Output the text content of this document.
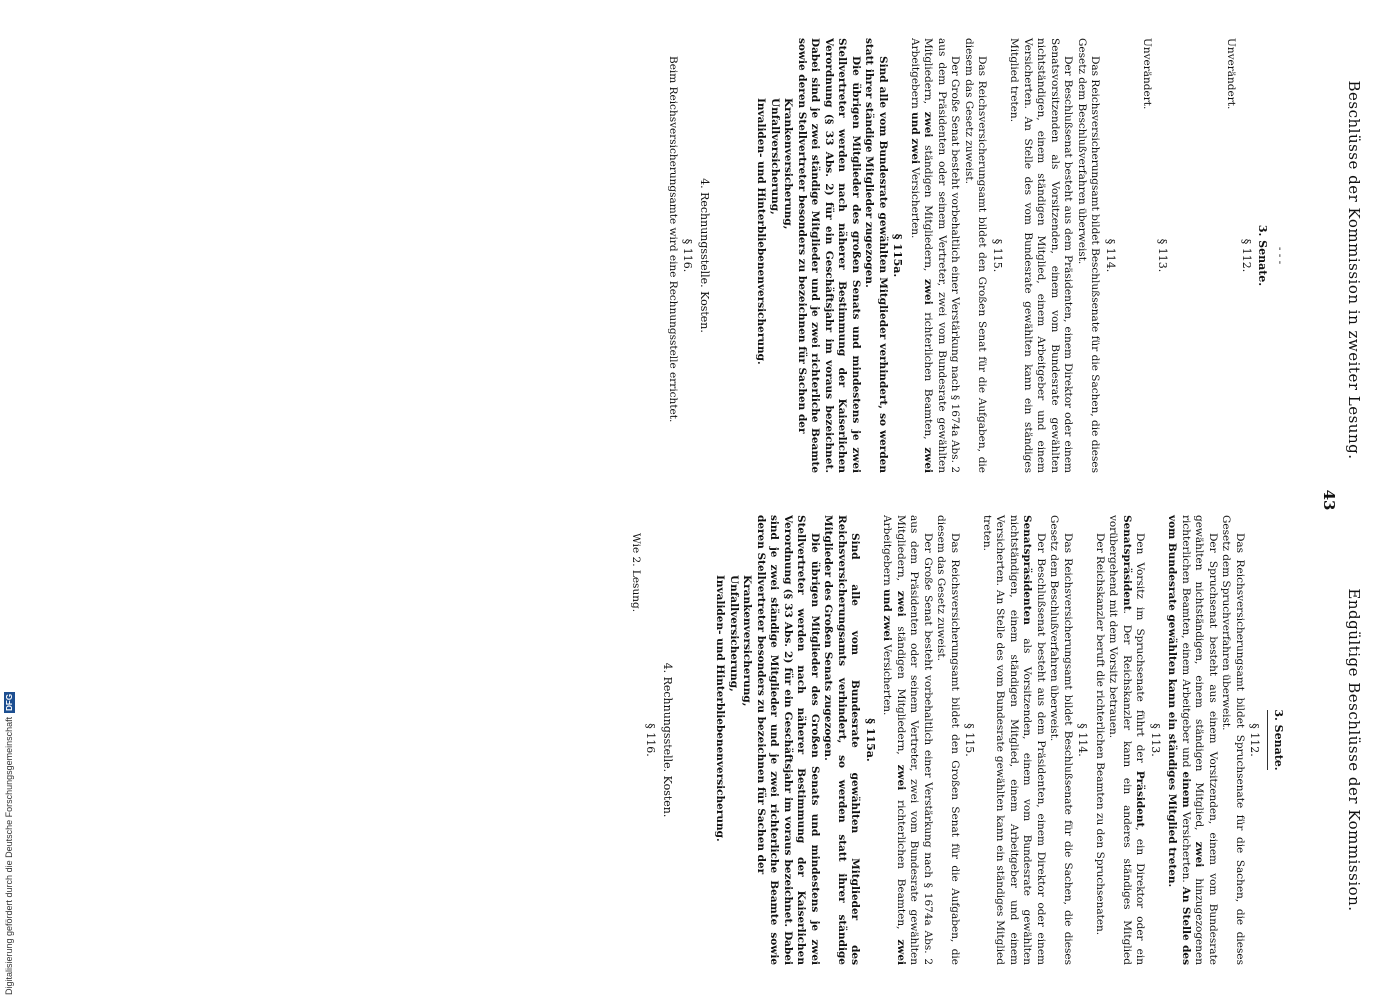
43
Beschlüsse der Kommission in zweiter Lesung.
- - -
3. Senate.
§ 112.

Unverändert.

§ 113.

Unverändert.

§ 114.

Das Reichsversicherungsamt bildet Beschlußsenate für die Sachen, die dieses Gesetz dem Beschlußverfahren überweist.

Der Beschlußsenat besteht aus dem Präsidenten, einem Direktor oder einem Senatsvorsitzenden als Vorsitzenden, einem vom Bundesrate gewählten nichtständigen, einem ständigen Mitglied, einem Arbeitgeber und einem Versicherten. An Stelle des vom Bundesrate gewählten kann ein ständiges Mitglied treten.

§ 115.

Das Reichsversicherungsamt bildet den Großen Senat für die Aufgaben, die diesem das Gesetz zuweist.

Der Große Senat besteht vorbehaltlich einer Verstärkung nach § 1674a Abs. 2 aus dem Präsidenten oder seinem Vertreter, zwei vom Bundesrate gewählten Mitgliedern, zwei ständigen Mitgliedern, zwei richterlichen Beamten, zwei Arbeitgebern und zwei Versicherten.

§ 115a.

Sind alle vom Bundesrate gewählten Mitglieder verhindert, so werden statt ihrer ständige Mitglieder zugezogen.

Die übrigen Mitglieder des großen Senats und mindestens je zwei Stellvertreter werden nach näherer Bestimmung der Kaiserlichen Verordnung (§ 33 Abs. 2) für ein Geschäftsjahr im voraus bezeichnet. Dabei sind je zwei ständige Mitglieder und je zwei richterliche Beamte sowie deren Stellvertreter besonders zu bezeichnen für Sachen der

Krankenversicherung,
Unfallversicherung,
Invaliden- und Hinterbliebenenversicherung.
4. Rechnungsstelle. Kosten.
§ 116.

Beim Reichsversicherungsamte wird eine Rechnungsstelle errichtet.

Endgültige Beschlüsse der Kommission.
3. Senate.
§ 112.

Das Reichsversicherungsamt bildet Spruchsenate für die Sachen, die dieses Gesetz dem Spruchverfahren überweist.

Der Spruchsenat besteht aus einem Vorsitzenden, einem vom Bundesrate gewählten nichtständigen, einem ständigen Mitglied, zwei hinzugezogenen richterlichen Beamten, einem Arbeitgeber und einem Versicherten. An Stelle des vom Bundesrate gewählten kann ein ständiges Mitglied treten.

§ 113.

Den Vorsitz im Spruchsenate führt der Präsident, ein Direktor oder ein Senatspräsident. Der Reichskanzler kann ein anderes ständiges Mitglied vorübergehend mit dem Vorsitz betrauen.

Der Reichskanzler beruft die richterlichen Beamten zu den Spruchsenaten.

§ 114.

Das Reichsversicherungsamt bildet Beschlußsenate für die Sachen, die dieses Gesetz dem Beschlußverfahren überweist.

Der Beschlußsenat besteht aus dem Präsidenten, einem Direktor oder einem Senatspräsidenten als Vorsitzenden, einem vom Bundesrate gewählten nichtständigen, einem ständigen Mitglied, einem Arbeitgeber und einem Versicherten. An Stelle des vom Bundesrate gewählten kann ein ständiges Mitglied treten.

§ 115.

Das Reichsversicherungsamt bildet den Großen Senat für die Aufgaben, die diesem das Gesetz zuweist.

Der Große Senat besteht vorbehaltlich einer Verstärkung nach § 1674a Abs. 2 aus dem Präsidenten oder seinem Vertreter, zwei vom Bundesrate gewählten Mitgliedern, zwei ständigen Mitgliedern, zwei richterlichen Beamten, zwei Arbeitgebern und zwei Versicherten.

§ 115a.

Sind alle vom Bundesrate gewählten Mitglieder des Reichsversicherungsamts verhindert, so werden statt ihrer ständige Mitglieder des Großen Senats zugezogen.

Die übrigen Mitglieder des Großen Senats und mindestens je zwei Stellvertreter werden nach näherer Bestimmung der Kaiserlichen Verordnung (§ 33 Abs. 2) für ein Geschäftsjahr im voraus bezeichnet. Dabei sind je zwei ständige Mitglieder und je zwei richterliche Beamte sowie deren Stellvertreter besonders zu bezeichnen für Sachen der

Krankenversicherung,
Unfallversicherung,
Invaliden- und Hinterbliebenenversicherung.
4. Rechnungsstelle. Kosten.
§ 116.

Wie 2. Lesung.

Digitalisierung gefördert durch die Deutsche Forschungsgemeinschaft
DFG
